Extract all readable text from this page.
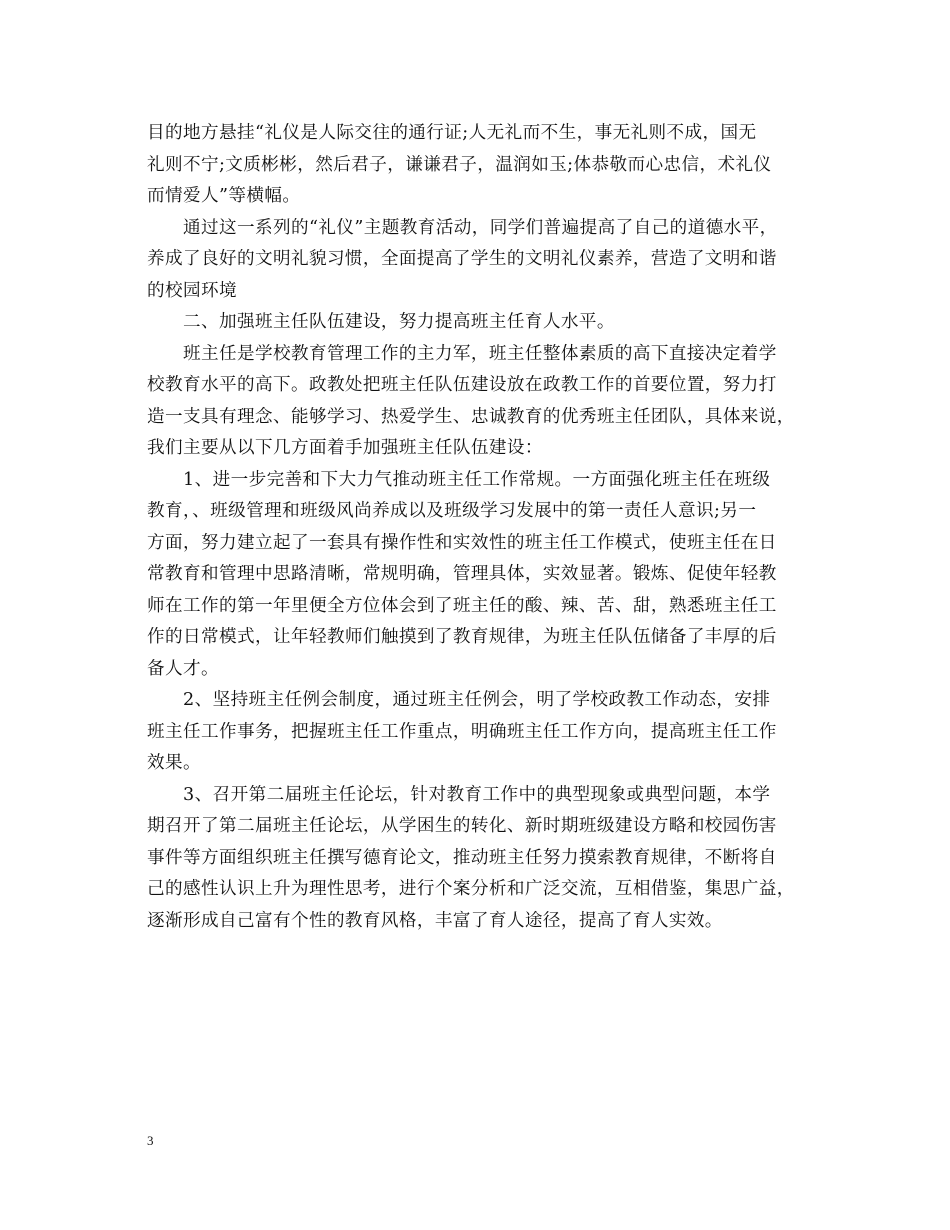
目的地方悬挂“礼仪是人际交往的通行证;人无礼而不生，事无礼则不成，国无
礼则不宁;文质彬彬，然后君子，谦谦君子，温润如玉;体恭敬而心忠信，术礼仪
而情爱人”等横幅。
通过这一系列的“礼仪”主题教育活动，同学们普遍提高了自己的道德水平，
养成了良好的文明礼貌习惯，全面提高了学生的文明礼仪素养，营造了文明和谐
的校园环境
二、加强班主任队伍建设，努力提高班主任育人水平。
班主任是学校教育管理工作的主力军，班主任整体素质的高下直接决定着学
校教育水平的高下。政教处把班主任队伍建设放在政教工作的首要位置，努力打
造一支具有理念、能够学习、热爱学生、忠诚教育的优秀班主任团队，具体来说，
我们主要从以下几方面着手加强班主任队伍建设：
1、进一步完善和下大力气推动班主任工作常规。一方面强化班主任在班级
教育，、班级管理和班级风尚养成以及班级学习发展中的第一责任人意识;另一
方面，努力建立起了一套具有操作性和实效性的班主任工作模式，使班主任在日
常教育和管理中思路清晰，常规明确，管理具体，实效显著。锻炼、促使年轻教
师在工作的第一年里便全方位体会到了班主任的酸、辣、苦、甜，熟悉班主任工
作的日常模式，让年轻教师们触摸到了教育规律，为班主任队伍储备了丰厚的后
备人才。
2、坚持班主任例会制度，通过班主任例会，明了学校政教工作动态，安排
班主任工作事务，把握班主任工作重点，明确班主任工作方向，提高班主任工作
效果。
3、召开第二届班主任论坛，针对教育工作中的典型现象或典型问题，本学
期召开了第二届班主任论坛，从学困生的转化、新时期班级建设方略和校园伤害
事件等方面组织班主任撰写德育论文，推动班主任努力摸索教育规律，不断将自
己的感性认识上升为理性思考，进行个案分析和广泛交流，互相借鉴，集思广益，
逐渐形成自己富有个性的教育风格，丰富了育人途径，提高了育人实效。
3
